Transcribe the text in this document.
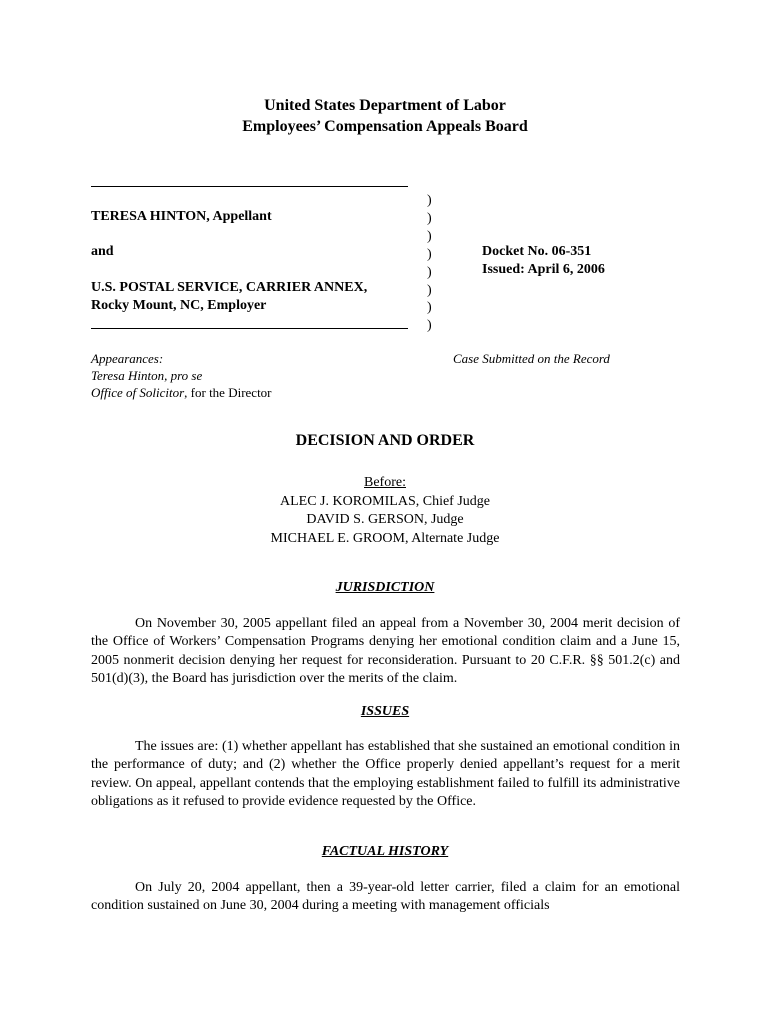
United States Department of Labor
Employees’ Compensation Appeals Board
TERESA HINTON, Appellant
and
U.S. POSTAL SERVICE, CARRIER ANNEX,
Rocky Mount, NC, Employer
)
)
)
)
)
)
)
)
Docket No. 06-351
Issued: April 6, 2006
Appearances:
Teresa Hinton, pro se
Office of Solicitor, for the Director
Case Submitted on the Record
DECISION AND ORDER
Before:
ALEC J. KOROMILAS, Chief Judge
DAVID S. GERSON, Judge
MICHAEL E. GROOM, Alternate Judge
JURISDICTION
On November 30, 2005 appellant filed an appeal from a November 30, 2004 merit decision of the Office of Workers’ Compensation Programs denying her emotional condition claim and a June 15, 2005 nonmerit decision denying her request for reconsideration. Pursuant to 20 C.F.R. §§ 501.2(c) and 501(d)(3), the Board has jurisdiction over the merits of the claim.
ISSUES
The issues are: (1) whether appellant has established that she sustained an emotional condition in the performance of duty; and (2) whether the Office properly denied appellant’s request for a merit review. On appeal, appellant contends that the employing establishment failed to fulfill its administrative obligations as it refused to provide evidence requested by the Office.
FACTUAL HISTORY
On July 20, 2004 appellant, then a 39-year-old letter carrier, filed a claim for an emotional condition sustained on June 30, 2004 during a meeting with management officials
